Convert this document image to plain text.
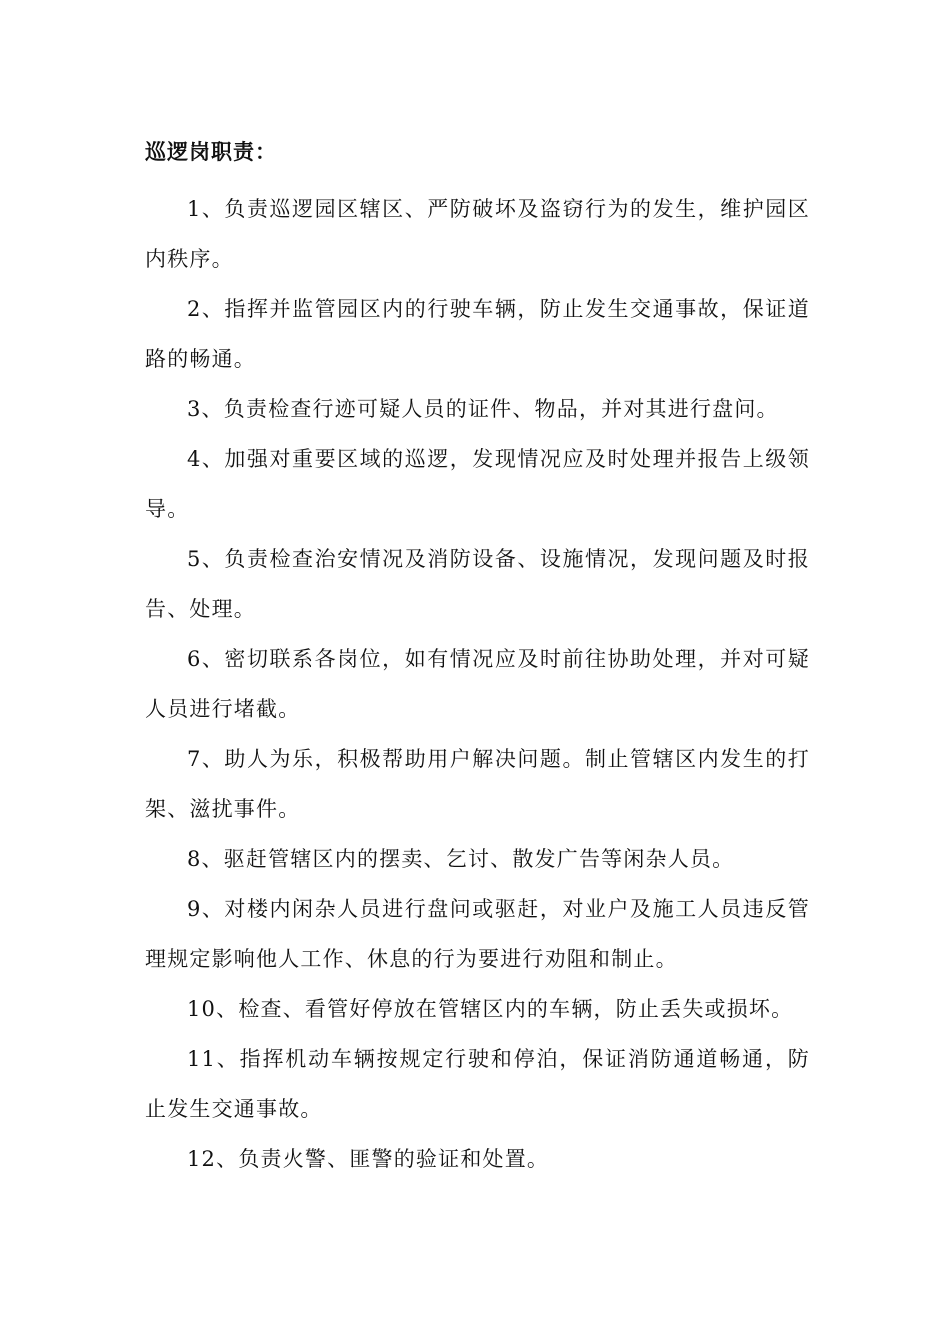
巡逻岗职责：

1、负责巡逻园区辖区、严防破坏及盗窃行为的发生，维护园区内秩序。

2、指挥并监管园区内的行驶车辆，防止发生交通事故，保证道路的畅通。

3、负责检查行迹可疑人员的证件、物品，并对其进行盘问。

4、加强对重要区域的巡逻，发现情况应及时处理并报告上级领导。

5、负责检查治安情况及消防设备、设施情况，发现问题及时报告、处理。

6、密切联系各岗位，如有情况应及时前往协助处理，并对可疑人员进行堵截。

7、助人为乐，积极帮助用户解决问题。制止管辖区内发生的打架、滋扰事件。

8、驱赶管辖区内的摆卖、乞讨、散发广告等闲杂人员。

9、对楼内闲杂人员进行盘问或驱赶，对业户及施工人员违反管理规定影响他人工作、休息的行为要进行劝阻和制止。

10、检查、看管好停放在管辖区内的车辆，防止丢失或损坏。

11、指挥机动车辆按规定行驶和停泊，保证消防通道畅通，防止发生交通事故。

12、负责火警、匪警的验证和处置。
